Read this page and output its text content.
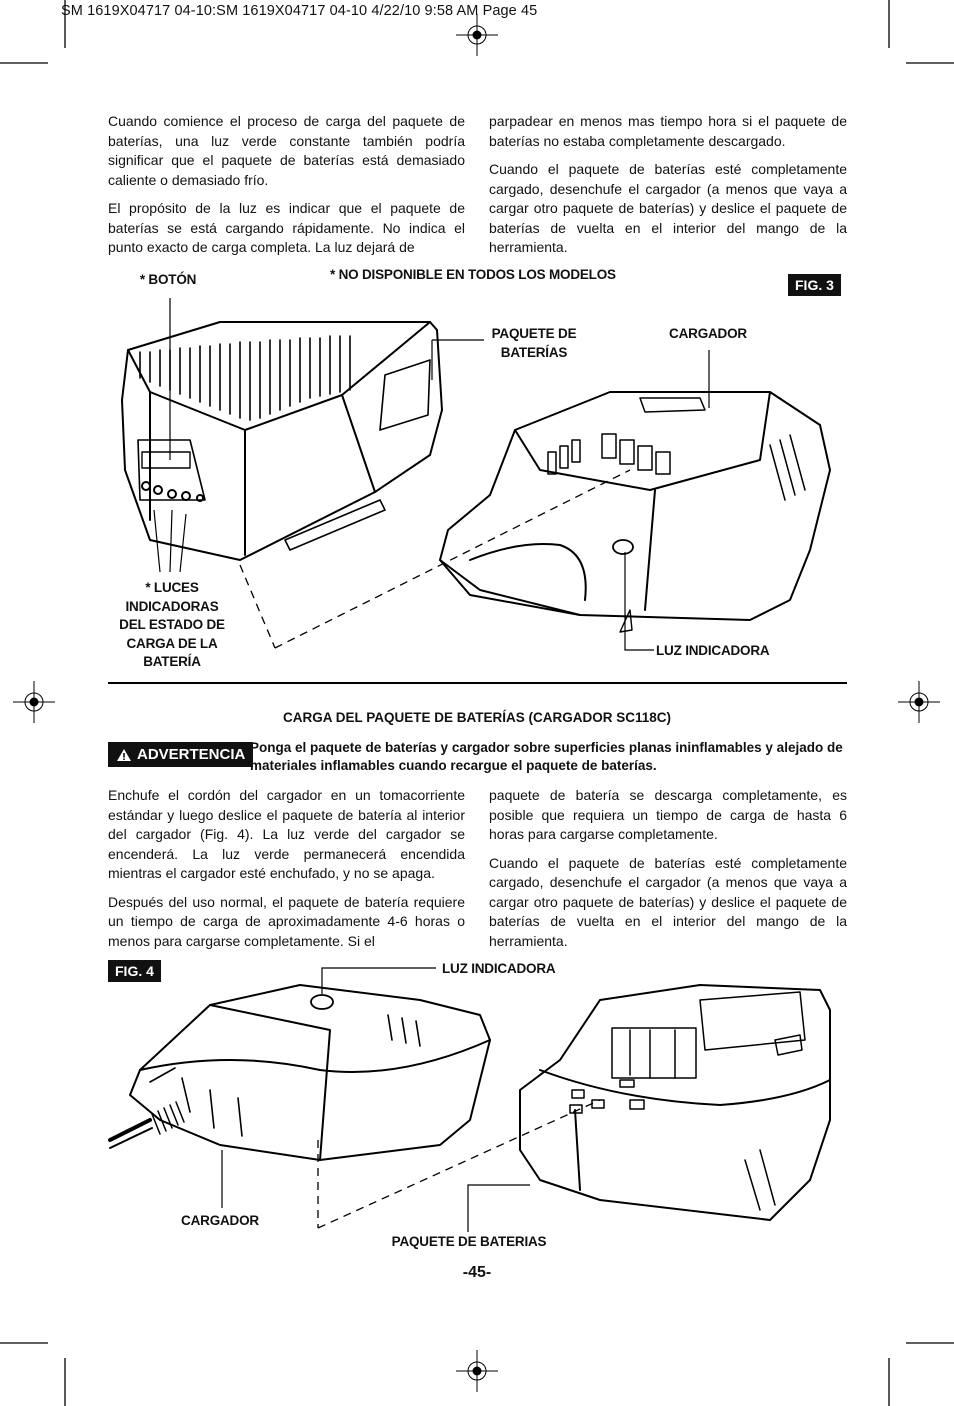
SM 1619X04717 04-10:SM 1619X04717 04-10 4/22/10 9:58 AM Page 45

Cuando comience el proceso de carga del paquete de baterías, una luz verde constante también podría significar que el paquete de baterías está demasiado caliente o demasiado frío.

El propósito de la luz es indicar que el paquete de baterías se está cargando rápidamente. No indica el punto exacto de carga completa. La luz dejará de

parpadear en menos mas tiempo hora si el paquete de baterías no estaba completamente descargado.

Cuando el paquete de baterías esté completamente cargado, desenchufe el cargador (a menos que vaya a cargar otro paquete de baterías) y deslice el paquete de baterías de vuelta en el interior del mango de la herramienta.

FIG. 3
* NO DISPONIBLE EN TODOS LOS MODELOS
* BOTÓN
PAQUETE DE BATERÍAS
CARGADOR
* LUCES INDICADORAS DEL ESTADO DE CARGA DE LA BATERÍA
LUZ INDICADORA
CARGA DEL PAQUETE DE BATERÍAS (CARGADOR SC118C)
ADVERTENCIA Ponga el paquete de baterías y cargador sobre superficies planas ininflamables y alejado de materiales inflamables cuando recargue el paquete de baterías.

Enchufe el cordón del cargador en un tomacorriente estándar y luego deslice el paquete de batería al interior del cargador (Fig. 4). La luz verde del cargador se encenderá. La luz verde permanecerá encendida mientras el cargador esté enchufado, y no se apaga.

Después del uso normal, el paquete de batería requiere un tiempo de carga de aproximadamente 4-6 horas o menos para cargarse completamente. Si el

paquete de batería se descarga completamente, es posible que requiera un tiempo de carga de hasta 6 horas para cargarse completamente.

Cuando el paquete de baterías esté completamente cargado, desenchufe el cargador (a menos que vaya a cargar otro paquete de baterías) y deslice el paquete de baterías de vuelta en el interior del mango de la herramienta.

FIG. 4	LUZ INDICADORA
CARGADOR
PAQUETE DE BATERIAS
-45-
